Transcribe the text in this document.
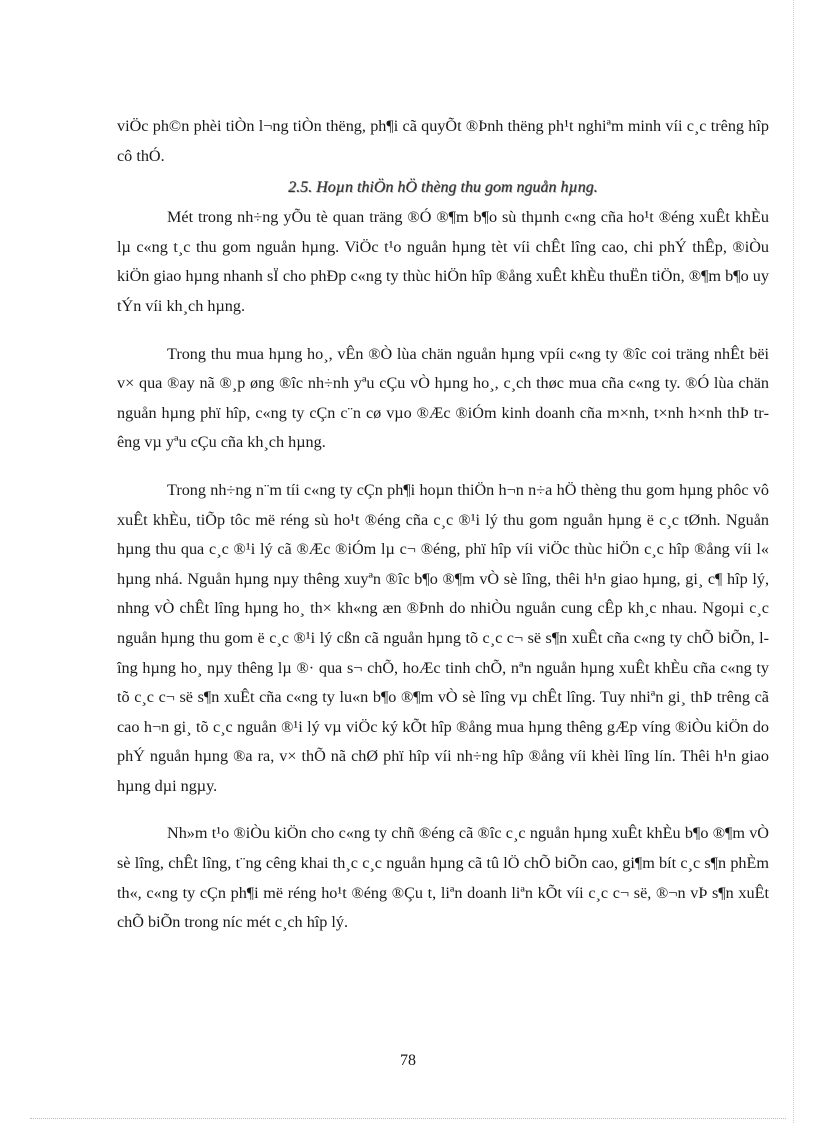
viÖc ph©n phèi tiÒn l¬ng tiÒn thëng, ph¶i cã quyÕt ®Þnh thëng ph¹t nghiªm minh víi c¸c trêng hîp cô thÓ.

2.5. Hoµn thiÖn hÖ thèng thu gom nguån hµng.

Mét trong nh÷ng yÕu tè quan träng ®Ó ®¶m b¶o sù thµnh c«ng cña ho¹t ®éng xuÊt khÈu lµ c«ng t¸c thu gom nguån hµng. ViÖc t¹o nguån hµng tèt víi chÊt lîng cao, chi phÝ thÊp, ®iÒu kiÖn giao hµng nhanh sÏ cho phÐp c«ng ty thùc hiÖn hîp ®ång xuÊt khÈu thuËn tiÖn, ®¶m b¶o uy tÝn víi kh¸ch hµng.

Trong thu mua hµng ho¸, vÊn ®Ò lùa chän nguån hµng vpíi c«ng ty ®îc coi träng nhÊt bëi v× qua ®ay nã ®¸p øng ®îc nh÷nh yªu cÇu vÒ hµng ho¸, c¸ch thøc mua cña c«ng ty. ®Ó lùa chän nguån hµng phï hîp, c«ng ty cÇn c¨n cø vµo ®Æc ®iÓm kinh doanh cña m×nh, t×nh h×nh thÞ trêng vµ yªu cÇu cña kh¸ch hµng.

Trong nh÷ng n¨m tíi c«ng ty cÇn ph¶i hoµn thiÖn h¬n n÷a hÖ thèng thu gom hµng phôc vô xuÊt khÈu, tiÕp tôc më réng sù ho¹t ®éng cña c¸c ®¹i lý thu gom nguån hµng ë c¸c tØnh. Nguån hµng thu qua c¸c ®¹i lý cã ®Æc ®iÓm lµ c¬ ®éng, phï hîp víi viÖc thùc hiÖn c¸c hîp ®ång víi l« hµng nhá. Nguån hµng nµy thêng xuyªn ®îc b¶o ®¶m vÒ sè lîng, thêi h¹n giao hµng, gi¸ c¶ hîp lý, nhng vÒ chÊt lîng hµng ho¸ th× kh«ng æn ®Þnh do nhiÒu nguån cung cÊp kh¸c nhau. Ngoµi c¸c nguån hµng thu gom ë c¸c ®¹i lý cßn cã nguån hµng tõ c¸c c¬ së s¶n xuÊt cña c«ng ty chÕ biÕn, lîng hµng ho¸ nµy thêng lµ ®· qua s¬ chÕ, hoÆc tinh chÕ, nªn nguån hµng xuÊt khÈu cña c«ng ty tõ c¸c c¬ së s¶n xuÊt cña c«ng ty lu«n b¶o ®¶m vÒ sè lîng vµ chÊt lîng. Tuy nhiªn gi¸ thÞ trêng cã cao h¬n gi¸ tõ c¸c nguån ®¹i lý vµ viÖc ký kÕt hîp ®ång mua hµng thêng gÆp víng ®iÒu kiÖn do phÝ nguån hµng ®a ra, v× thÕ nã chØ phï hîp víi nh÷ng hîp ®ång víi khèi lîng lín. Thêi h¹n giao hµng dµi ngµy.

Nh»m t¹o ®iÒu kiÖn cho c«ng ty chñ ®éng cã ®îc c¸c nguån hµng xuÊt khÈu b¶o ®¶m vÒ sè lîng, chÊt lîng, t¨ng cêng khai th¸c c¸c nguån hµng cã tû lÖ chÕ biÕn cao, gi¶m bít c¸c s¶n phÈm th«, c«ng ty cÇn ph¶i më réng ho¹t ®éng ®Çu t, liªn doanh liªn kÕt víi c¸c c¬ së, ®¬n vÞ s¶n xuÊt chÕ biÕn trong níc mét c¸ch hîp lý.

78
